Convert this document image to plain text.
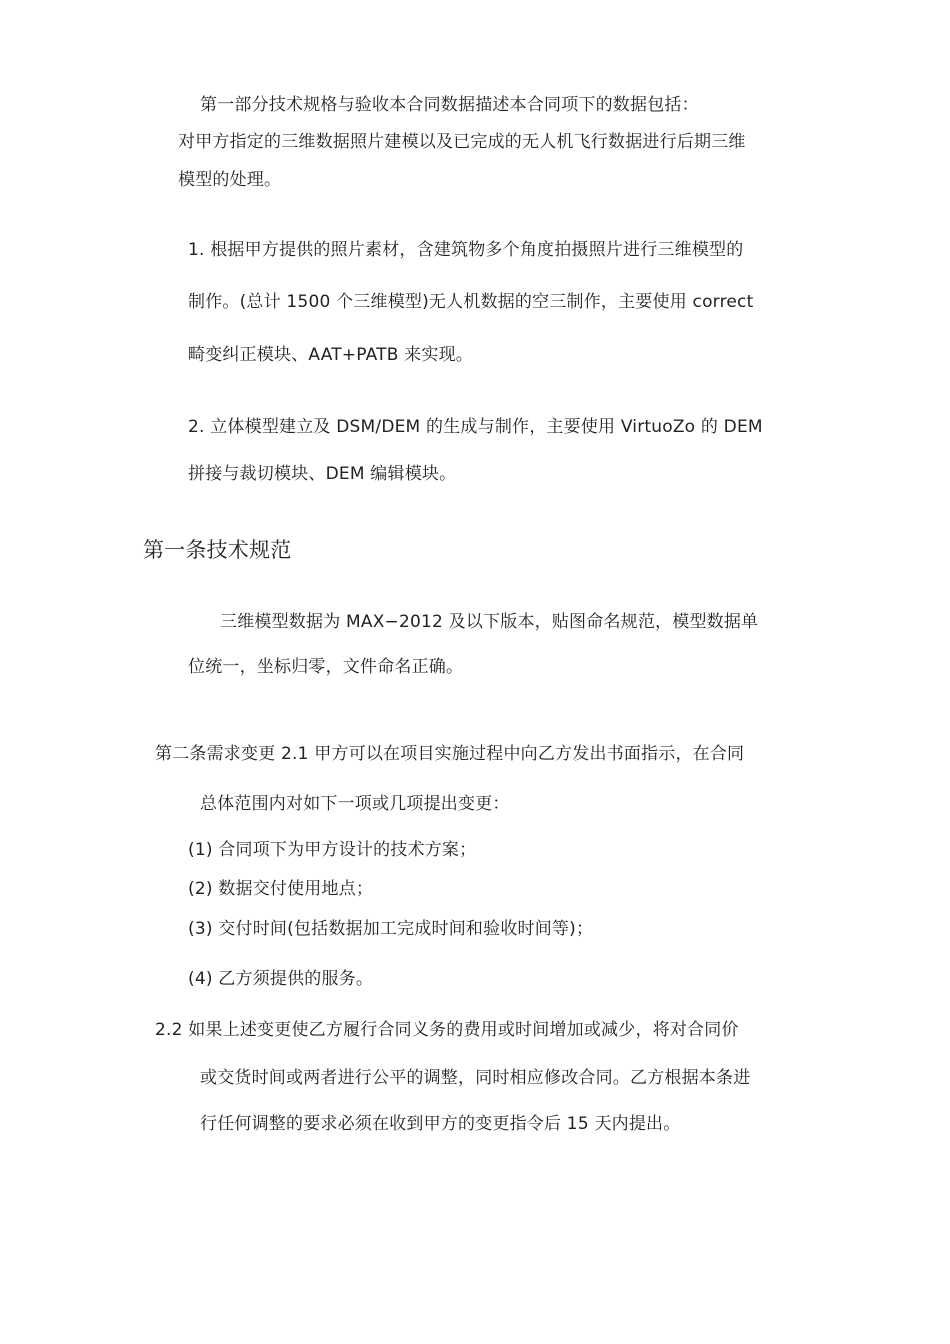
第一部分技术规格与验收本合同数据描述本合同项下的数据包括：
对甲方指定的三维数据照片建模以及已完成的无人机飞行数据进行后期三维
模型的处理。
1. 根据甲方提供的照片素材，含建筑物多个角度拍摄照片进行三维模型的
制作。(总计 1500 个三维模型)无人机数据的空三制作，主要使用 correct
畸变纠正模块、AAT+PATB 来实现。
2. 立体模型建立及 DSM/DEM 的生成与制作，主要使用 VirtuoZo 的 DEM
拼接与裁切模块、DEM 编辑模块。
第一条技术规范
三维模型数据为 MAX−2012 及以下版本，贴图命名规范，模型数据单
位统一，坐标归零，文件命名正确。
第二条需求变更 2.1 甲方可以在项目实施过程中向乙方发出书面指示，在合同
总体范围内对如下一项或几项提出变更：
(1) 合同项下为甲方设计的技术方案；
(2) 数据交付使用地点；
(3) 交付时间(包括数据加工完成时间和验收时间等)；
(4) 乙方须提供的服务。
2.2 如果上述变更使乙方履行合同义务的费用或时间增加或减少，将对合同价
或交货时间或两者进行公平的调整，同时相应修改合同。乙方根据本条进
行任何调整的要求必须在收到甲方的变更指令后 15 天内提出。
